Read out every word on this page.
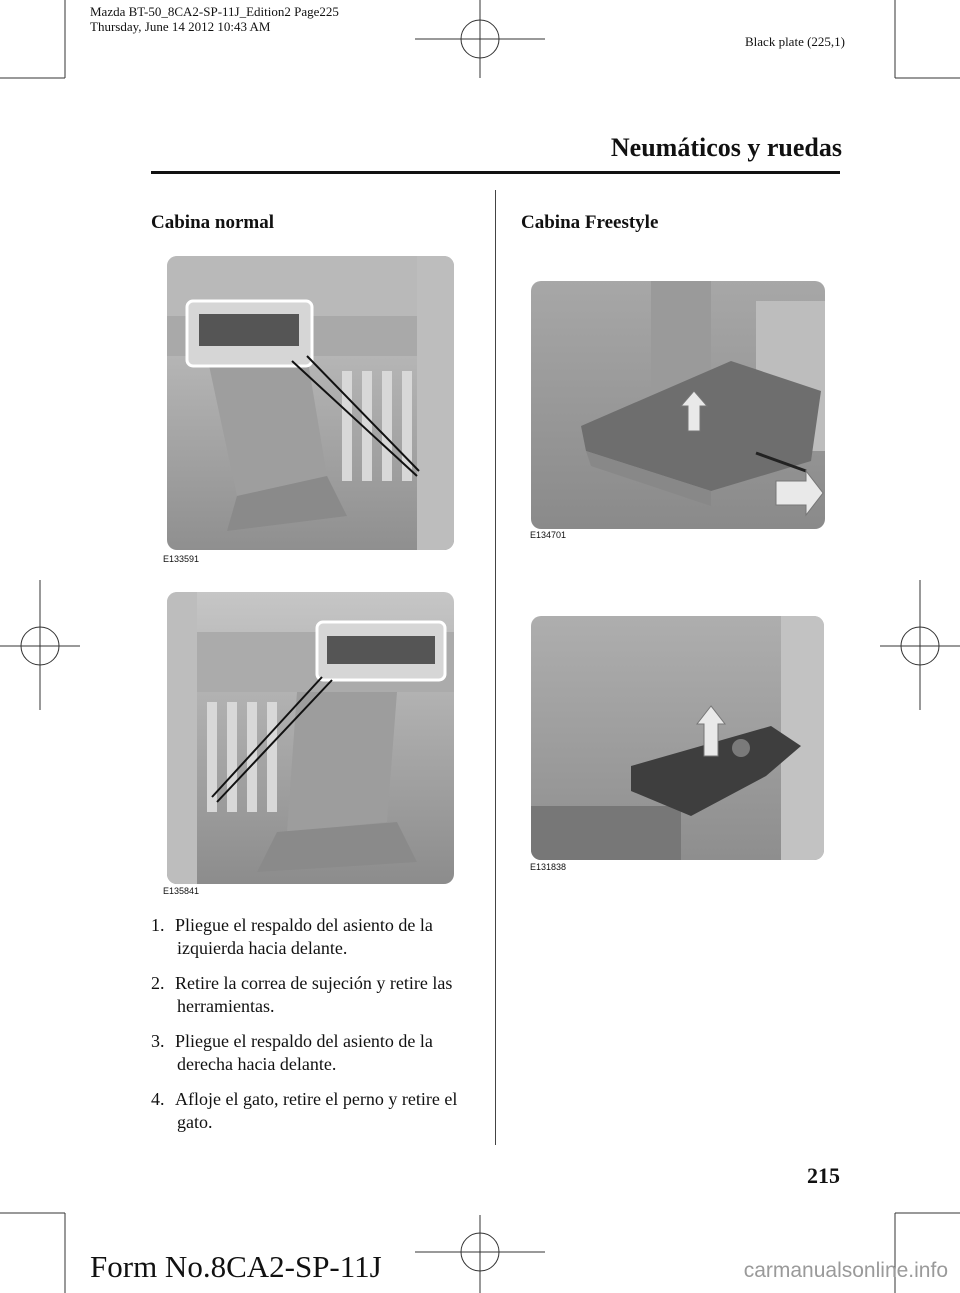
Mazda BT-50_8CA2-SP-11J_Edition2 Page225
Thursday, June 14 2012 10:43 AM
Black plate (225,1)
Neumáticos y ruedas
Cabina normal
E133591
E135841
1. Pliegue el respaldo del asiento de la
izquierda hacia delante.
2. Retire la correa de sujeción y retire las
herramientas.
3. Pliegue el respaldo del asiento de la
derecha hacia delante.
4. Afloje el gato, retire el perno y retire el
gato.
Cabina Freestyle
E134701
E131838
215
Form No.8CA2-SP-11J	carmanualsonline.info
